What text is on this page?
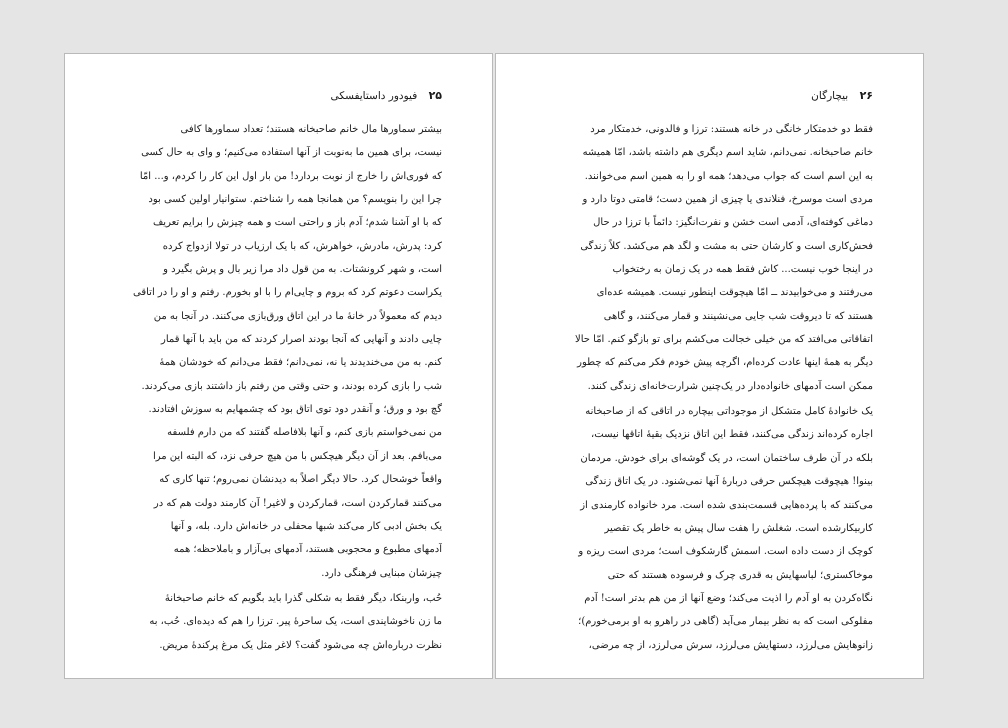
۲۵ فیودور داستایفسکی
بیشتر سماورها مال خانم صاحبخانه هستند؛ تعداد سماورها کافی
نیست، برای همین ما به‌نوبت از آنها استفاده می‌کنیم؛ و وای به حال کسی
که فوری‌اش را خارج از نوبت بردارد! من بار اول این کار را کردم، و... امّا
چرا این را بنویسم؟ من همانجا همه را شناختم. ستوانیار اولین کسی بود
که با او آشنا شدم؛ آدم باز و راحتی است و همه چیزش را برایم تعریف
کرد: پدرش، مادرش، خواهرش، که با یک ارزیاب در تولا ازدواج کرده
است، و شهر کرونشتات. به من قول داد مرا زیر بال و پرش بگیرد و
یکراست دعوتم کرد که بروم و چایی‌ام را با او بخورم. رفتم و او را در اتاقی
دیدم که معمولاً در خانهٔ ما در این اتاق ورق‌بازی می‌کنند. در آنجا به من
چایی دادند و آنهایی که آنجا بودند اصرار کردند که من باید با آنها قمار
کنم. به من می‌خندیدند یا نه، نمی‌دانم؛ فقط می‌دانم که خودشان همهٔ
شب را بازی کرده بودند، و حتی وقتی من رفتم باز داشتند بازی می‌کردند.
گچ بود و ورق؛ و آنقدر دود توی اتاق بود که چشمهایم به سوزش افتادند.
من نمی‌خواستم بازی کنم، و آنها بلافاصله گفتند که من دارم فلسفه
می‌بافم. بعد از آن دیگر هیچکس با من هیچ حرفی نزد، که البته این مرا
واقعاً خوشحال کرد. حالا دیگر اصلاً به دیدنشان نمی‌روم؛ تنها کاری که
می‌کنند قمارکردن است، قمارکردن و لاغیر! آن کارمند دولت هم که در
یک بخش ادبی کار می‌کند شبها محفلی در خانه‌اش دارد. بله، و آنها
آدمهای مطبوع و محجوبی هستند، آدمهای بی‌آزار و باملاحظه؛ همه
چیزشان مبنایی فرهنگی دارد.
حُب، واربنکا، دیگر فقط به شکلی گذرا باید بگویم که خانم صاحبخانهٔ
ما زن ناخوشایندی است، یک ساحرهٔ پیر. ترزا را هم که دیده‌ای. حُب، به
نظرت درباره‌اش چه می‌شود گفت؟ لاغر مثل یک مرغ پرکندهٔ مریض.
۲۶ بیچارگان
فقط دو خدمتکار خانگی در خانه هستند: ترزا و فالدونی، خدمتکار مرد
خانم صاحبخانه. نمی‌دانم، شاید اسم دیگری هم داشته باشد، امّا همیشه
به این اسم است که جواب می‌دهد؛ همه او را به همین اسم می‌خوانند.
مردی است موسرخ، فنلاندی یا چیزی از همین دست؛ قامتی دوتا دارد و
دماغی کوفته‌ای، آدمی است خشن و نفرت‌انگیز: دائماً با ترزا در حال
فحش‌کاری است و کارشان حتی به مشت و لگد هم می‌کشد. کلاً زندگی
در اینجا خوب نیست... کاش فقط همه در یک زمان به رختخواب
می‌رفتند و می‌خوابیدند ــ امّا هیچوقت اینطور نیست. همیشه عده‌ای
هستند که تا دیروقت شب جایی می‌نشینند و قمار می‌کنند، و گاهی
اتفاقاتی می‌افتد که من خیلی خجالت می‌کشم برای تو بازگو کنم. امّا حالا
دیگر به همهٔ اینها عادت کرده‌ام، اگرچه پیش خودم فکر می‌کنم که چطور
ممکن است آدمهای خانواده‌دار در یک‌چنین شرارت‌خانه‌ای زندگی کنند.
یک خانوادهٔ کامل متشکل از موجوداتی بیچاره در اتاقی که از صاحبخانه
اجاره کرده‌اند زندگی می‌کنند، فقط این اتاق نزدیک بقیهٔ اتاقها نیست،
بلکه در آن طرف ساختمان است، در یک گوشه‌ای برای خودش. مردمان
بینوا! هیچوقت هیچکس حرفی دربارهٔ آنها نمی‌شنود. در یک اتاق زندگی
می‌کنند که با پرده‌هایی قسمت‌بندی شده است. مرد خانواده کارمندی از
کاربیکارشده است. شغلش را هفت سال پیش به خاطر یک تقصیر
کوچک از دست داده است. اسمش گارشکوف است؛ مردی است ریزه و
موخاکستری؛ لباسهایش به قدری چرک و فرسوده هستند که حتی
نگاه‌کردن به او آدم را اذیت می‌کند؛ وضع آنها از من هم بدتر است! آدم
مفلوکی است که به نظر بیمار می‌آید (گاهی در راهرو به او برمی‌خورم)؛
زانوهایش می‌لرزد، دستهایش می‌لرزد، سرش می‌لرزد، از چه مرضی،
